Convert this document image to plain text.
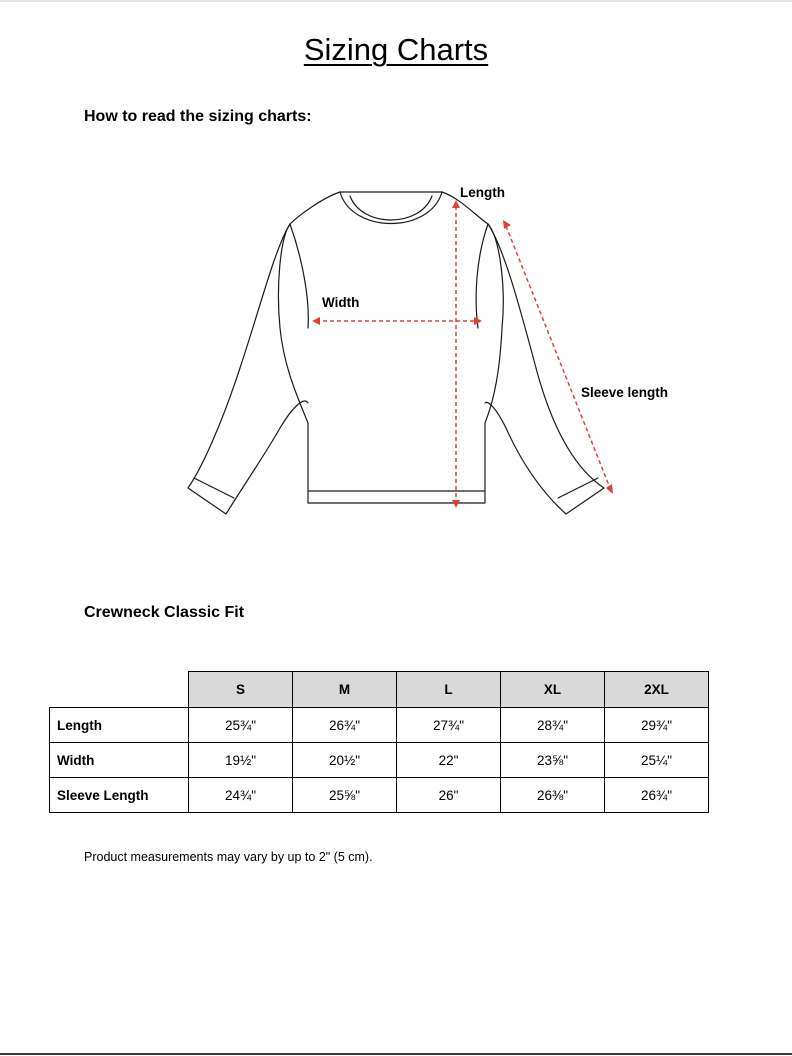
Sizing Charts
How to read the sizing charts:
Length
Width
Sleeve length
Crewneck Classic Fit
	S	M	L	XL	2XL
Length	25¾"	26¾"	27¾"	28¾"	29¾"
Width	19½"	20½"	22"	23⅝"	25¼"
Sleeve Length	24¾"	25⅝"	26"	26⅜"	26¾"
Product measurements may vary by up to 2" (5 cm).
